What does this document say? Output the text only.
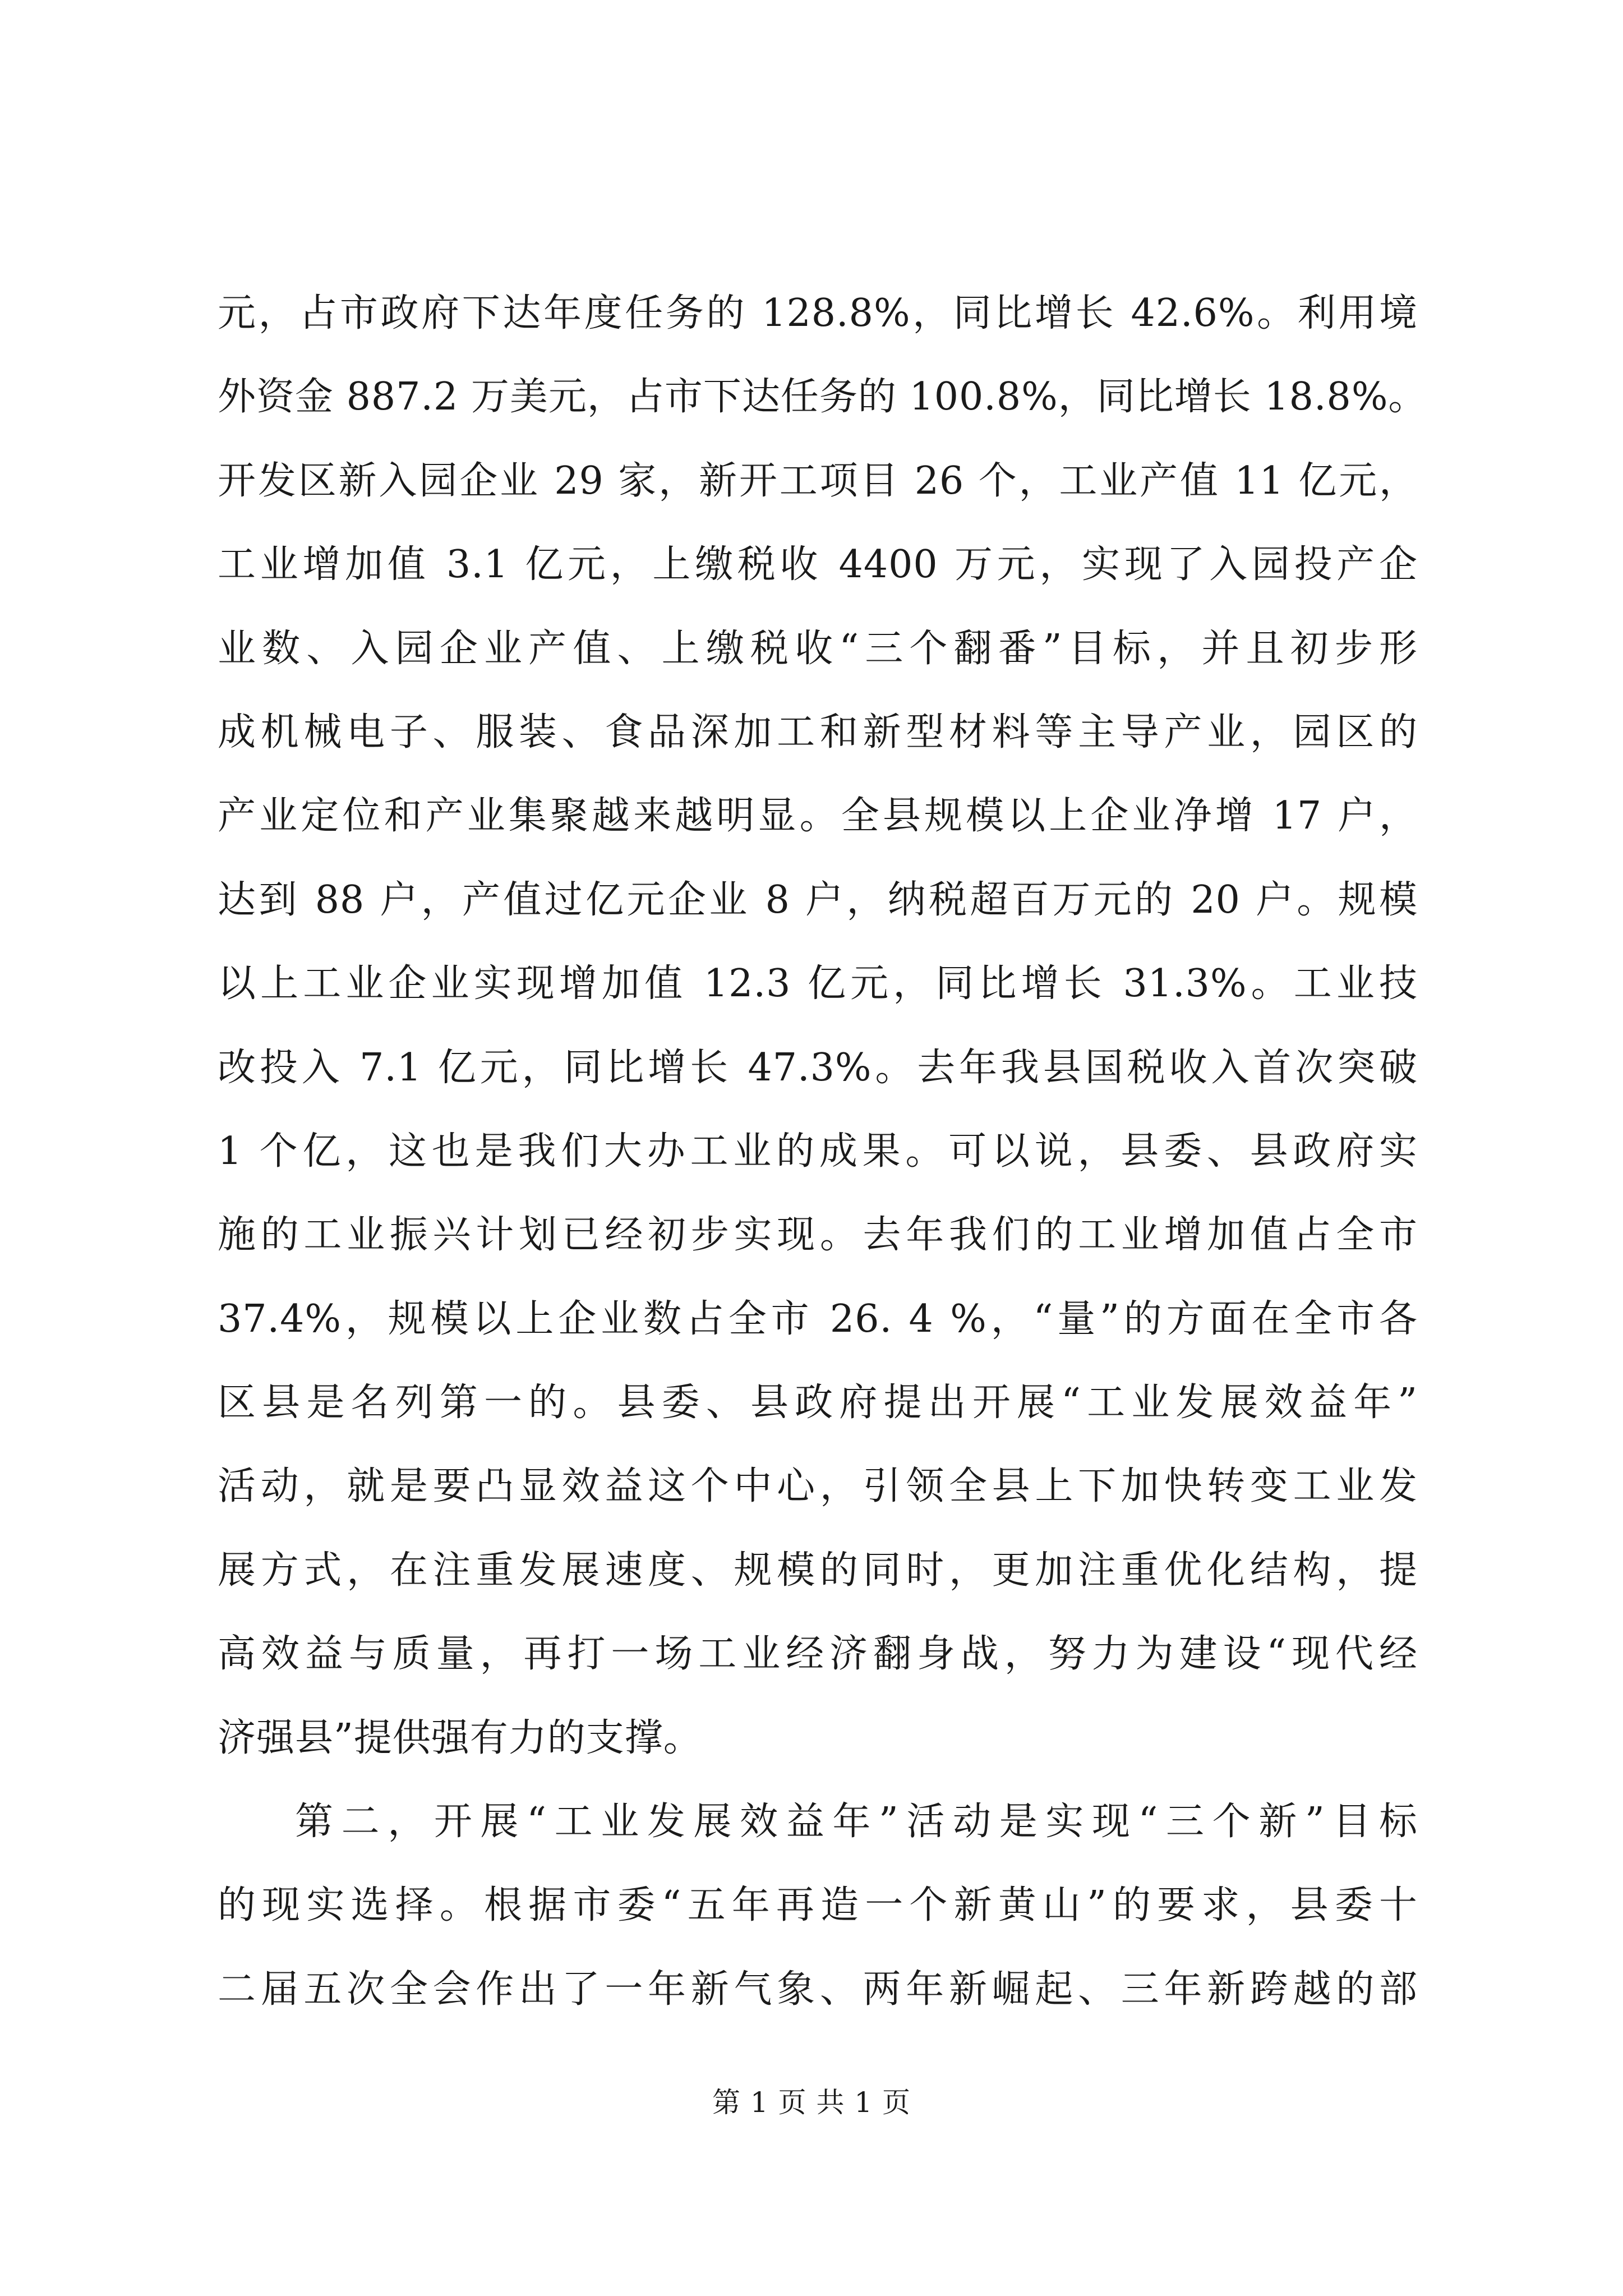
元，占市政府下达年度任务的 128.8%，同比增长 42.6%。利用境
外资金 887.2 万美元，占市下达任务的 100.8%，同比增长 18.8%。
开发区新入园企业 29 家，新开工项目 26 个，工业产值 11 亿元，
工业增加值 3.1 亿元，上缴税收 4400 万元，实现了入园投产企
业数、入园企业产值、上缴税收“三个翻番”目标，并且初步形
成机械电子、服装、食品深加工和新型材料等主导产业，园区的
产业定位和产业集聚越来越明显。全县规模以上企业净增 17 户，
达到 88 户，产值过亿元企业 8 户，纳税超百万元的 20 户。规模
以上工业企业实现增加值 12.3 亿元，同比增长 31.3%。工业技
改投入 7.1 亿元，同比增长 47.3%。去年我县国税收入首次突破
1 个亿，这也是我们大办工业的成果。可以说，县委、县政府实
施的工业振兴计划已经初步实现。去年我们的工业增加值占全市
37.4%，规模以上企业数占全市 26. 4 %，“量”的方面在全市各
区县是名列第一的。县委、县政府提出开展“工业发展效益年”
活动，就是要凸显效益这个中心，引领全县上下加快转变工业发
展方式，在注重发展速度、规模的同时，更加注重优化结构，提
高效益与质量，再打一场工业经济翻身战，努力为建设“现代经
济强县”提供强有力的支撑。
第二，开展“工业发展效益年”活动是实现“三个新”目标
的现实选择。根据市委“五年再造一个新黄山”的要求，县委十
二届五次全会作出了一年新气象、两年新崛起、三年新跨越的部
第 1 页 共 1 页
